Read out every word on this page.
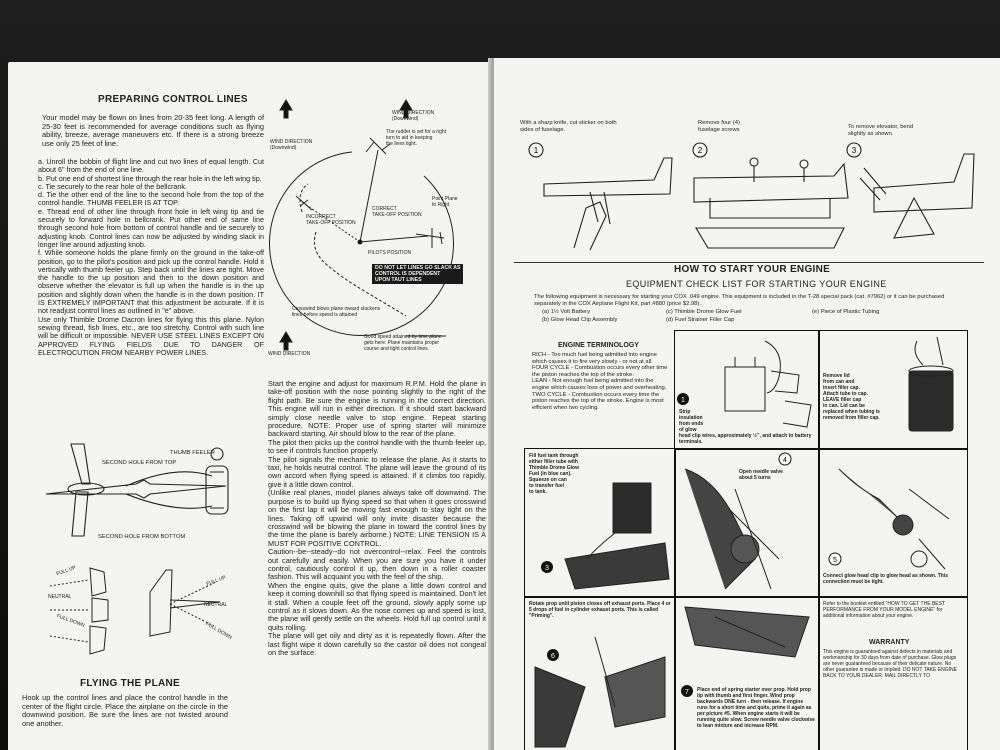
PREPARING CONTROL LINES
Your model may be flown on lines from 20-35 feet long. A length of 25-30 feet is recommended for average conditions such as flying ability, breeze, average maneuvers etc. If there is a strong breeze use only 25 feet of line.
a. Unroll the bobbin of flight line and cut two lines of equal length. Cut about 6" from the end of one line.
b. Put one end of shortest line through the rear hole in the left wing tip.
c. Tie securely to the rear hole of the bellcrank.
d. Tie the other end of the line to the second hole from the top of the control handle. THUMB FEELER IS AT TOP.
e. Thread end of other line through front hole in left wing tip and tie securely to forward hole in bellcrank. Put other end of same line through second hole from bottom of control handle and tie securely to adjusting knob. Control lines can now be adjusted by winding slack in longer line around adjusting knob.
f. While someone holds the plane firmly on the ground in the take-off position, go to the pilot's position and pick up the control handle. Hold it vertically with thumb feeler up. Step back until the lines are tight. Move the handle to the up position and then to the down position and observe whether the elevator is full up when the handle is in the up position and slightly down when the handle is in the down position. IT IS EXTREMELY IMPORTANT that this adjustment be accurate. If it is not readjust control lines as outlined in "e" above.
Use only Thimble Drome Dacron lines for flying this this plane. Nylon sewing thread, fish lines, etc., are too stretchy. Control with such line will be difficult or impossible. NEVER USE STEEL LINES EXCEPT ON APPROVED FLYING FIELDS DUE TO DANGER OF ELECTROCUTION FROM NEARBY POWER LINES.
THUMB FEELER
SECOND HOLE FROM TOP
SECOND HOLE FROM BOTTOM
FULL UP
NEUTRAL
FULL DOWN
FULL UP
NEUTRAL
FULL DOWN
FLYING THE PLANE
Hook up the control lines and place the control handle in the center of the flight circle. Place the airplane on the circle in the downwind position. Be sure the lines are not twisted around one another.
WIND DIRECTION
(Downwind)
WIND DIRECTION
(Downwind)
WIND DIRECTION
The rudder is set for a right
turn to aid in keeping
the lines tight.
INCORRECT
TAKE-OFF POSITION
CORRECT
TAKE-OFF POSITION
Point Plane
to Right
PILOTS POSITION
DO NOT LET LINES GO SLACK AS
CONTROL IS DEPENDENT
UPON TAUT LINES
Crosswind blows plane inward slackens
lines before speed is attained
Good speed attained by time plane
gets here. Plane maintains proper
course and tight control lines.
Start the engine and adjust for maximum R.P.M. Hold the plane in take-off position with the nose pointing slightly to the right of the flight path. Be sure the engine is running in the correct direction. This engine will run in either direction. If it should start backward simply close needle valve to stop engine. Repeat starting procedure. NOTE: Proper use of spring starter will minimize backward starting. Air should blow to the rear of the plane.
The pilot then picks up the control handle with the thumb feeler up, to see if controls function properly.
The pilot signals the mechanic to release the plane. As it starts to taxi, he holds neutral control. The plane will leave the ground of its own accord when flying speed is attained. If it climbs too rapidly, give it a little down control.
(Unlike real planes, model planes always take off downwind. The purpose is to build up flying speed so that when it goes crosswind on the first lap it will be moving fast enough to stay tight on the lines. Taking off upwind will only invite disaster because the crosswind will be blowing the plane in toward the control lines by the time the plane is barely airborne.) NOTE: LINE TENSION IS A MUST FOR POSITIVE CONTROL.
Caution--be--steady--do not overcontrol--relax. Feel the controls out carefully and easily. When you are sure you have it under control, cautiously control it up, then down in a roller coaster fashion. This will acquaint you with the feel of the ship.
When the engine quits, give the plane a little down control and keep it coming downhill so that flying speed is maintained. Don't let it stall. When a couple feet off the ground, slowly apply some up control as it slows down. As the nose comes up and speed is lost, the plane will gently settle on the wheels. Hold full up control until it quits rolling.
The plane will get oily and dirty as it is repeatedly flown. After the last flight wipe it down carefully so the castor oil does not congeal on the surface.
With a sharp knife, cut sticker on both
sides of fuselage.
Remove four (4)
fuselage screws	To remove elevator, bend
slightly as shown.
1	2	3
HOW TO START YOUR ENGINE
EQUIPMENT CHECK LIST FOR STARTING YOUR ENGINE
The following equipment is necessary for starting your COX .049 engine. This equipment is included in the T-28 special pack (cat. #7962) or it can be purchased separately in the COX Airplane Flight Kit, part #880 (price $2.98).
(a) 1½ Volt Battery
(b) Glow Head Clip Assembly
(c) Thimble Drome Glow Fuel
(d) Fuel Strainer Filler Cap
(e) Piece of Plastic Tubing
ENGINE TERMINOLOGY
RICH - Too much fuel being admitted into engine which causes it to fire very slowly - or not at all.
FOUR CYCLE - Combustion occurs every other time the piston reaches the top of the stroke.
LEAN - Not enough fuel being admitted into the engine which causes loss of power and overheating.
TWO CYCLE - Combustion occurs every time the piston reaches the top of the stroke. Engine is most efficient when two cycling.
1
Strip
insulation
from ends
of glow
head clip wires, approximately ½", and attach to battery terminals.
Remove lid
from can and
insert filler cap.
Attach tube to cap.
LEAVE filler cap
in can. Lid can be
replaced when tubing is
removed from filler cap.
3
Fill fuel tank through
either filler tube with
Thimble Drome Glow
Fuel (in blue can).
Squeeze on can
to transfer fuel
to tank.
4
Open needle valve
about 5 turns
5
Connect glow head clip to glow head as shown. This connection must be tight.
Rotate prop until piston closes off exhaust ports. Place 4 or 5 drops of fuel in cylinder exhaust ports. This is called "Priming".
6
7 Place end of spring starter over prop. Hold prop tip with thumb and first finger. Wind prop backwards ONE turn - then release. If engine runs for a short time and quits, prime it again as per picture #5. When engine starts it will be running quite slow. Screw needle valve clockwise to lean mixture and increase RPM.
Refer to the booklet entitled "HOW TO GET THE BEST PERFORMANCE FROM YOUR MODEL ENGINE" for additional information about your engine.
WARRANTY
This engine is guaranteed against defects in materials and workmanship for 30 days from date of purchase. Glow plugs are never guaranteed because of their delicate nature. No other guarantee is made or implied. DO NOT TAKE ENGINE BACK TO YOUR DEALER. MAIL DIRECTLY TO
